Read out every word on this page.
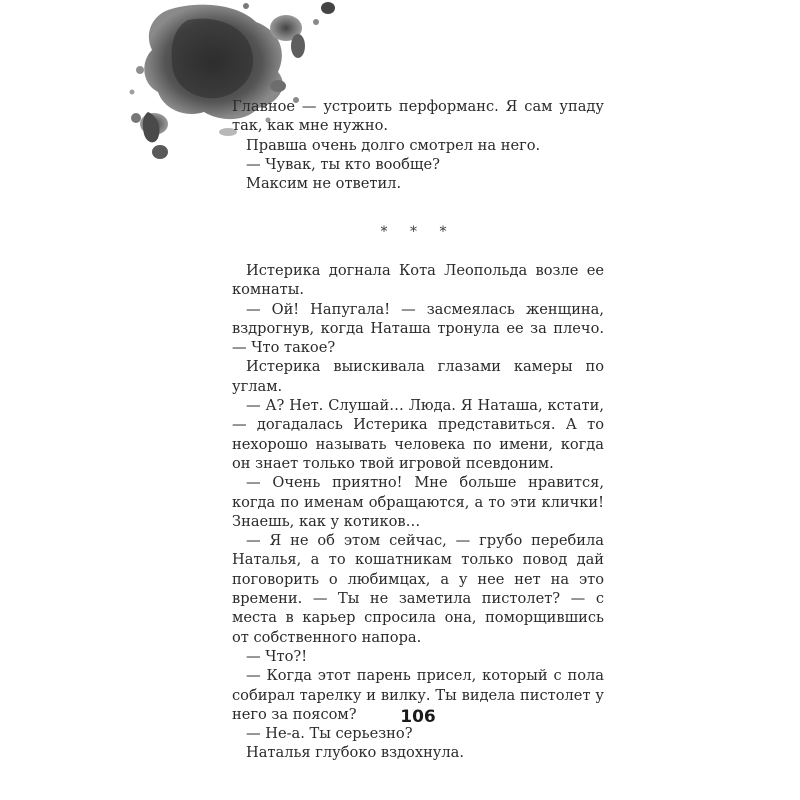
Главное — устроить перформанс. Я сам упаду так, как мне нужно.

Правша очень долго смотрел на него.

— Чувак, ты кто вообще?

Максим не ответил.

* * *

Истерика догнала Кота Леопольда возле ее комнаты.

— Ой! Напугала! — засмеялась женщина, вздрогнув, когда Наташа тронула ее за плечо. — Что такое?

Истерика выискивала глазами камеры по углам.

— А? Нет. Слушай… Люда. Я Наташа, кстати, — догадалась Истерика представиться. А то нехорошо называть человека по имени, когда он знает только твой игровой псевдоним.

— Очень приятно! Мне больше нравится, когда по именам обращаются, а то эти клички! Знаешь, как у котиков…

— Я не об этом сейчас, — грубо перебила Наталья, а то кошатникам только повод дай поговорить о любимцах, а у нее нет на это времени. — Ты не заметила пистолет? — с места в карьер спросила она, поморщившись от собственного напора.

— Что?!

— Когда этот парень присел, который с пола собирал тарелку и вилку. Ты видела пистолет у него за поясом?

— Не-а. Ты серьезно?

Наталья глубоко вздохнула.

106
